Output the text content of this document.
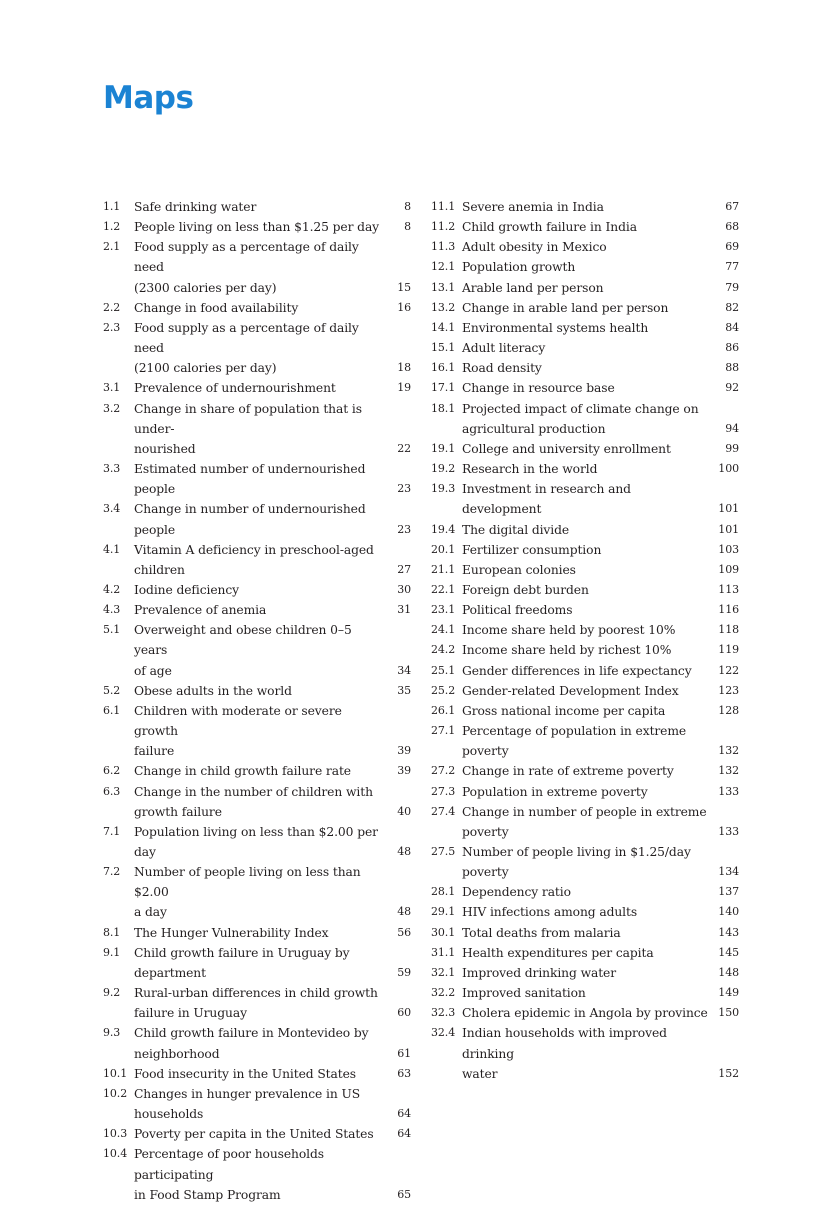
Maps
1.1	Safe drinking water	8
1.2	People living on less than $1.25 per day	8
2.1	Food supply as a percentage of daily need
(2300 calories per day)	15
2.2	Change in food availability	16
2.3	Food supply as a percentage of daily need
(2100 calories per day)	18
3.1	Prevalence of undernourishment	19
3.2	Change in share of population that is under-
nourished	22
3.3	Estimated number of undernourished people	23
3.4	Change in number of undernourished people	23
4.1	Vitamin A deficiency in preschool-aged
children	27
4.2	Iodine deficiency	30
4.3	Prevalence of anemia	31
5.1	Overweight and obese children 0–5 years
of age	34
5.2	Obese adults in the world	35
6.1	Children with moderate or severe growth
failure	39
6.2	Change in child growth failure rate	39
6.3	Change in the number of children with
growth failure	40
7.1	Population living on less than $2.00 per day	48
7.2	Number of people living on less than $2.00
a day	48
8.1	The Hunger Vulnerability Index	56
9.1	Child growth failure in Uruguay by
department	59
9.2	Rural-urban differences in child growth
failure in Uruguay	60
9.3	Child growth failure in Montevideo by
neighborhood	61
10.1 Food insecurity in the United States	63
10.2 Changes in hunger prevalence in US
households	64
10.3 Poverty per capita in the United States	64
10.4 Percentage of poor households participating
in Food Stamp Program	65
11.1 Severe anemia in India	67
11.2 Child growth failure in India	68
11.3 Adult obesity in Mexico	69
12.1 Population growth	77
13.1 Arable land per person	79
13.2 Change in arable land per person	82
14.1 Environmental systems health	84
15.1 Adult literacy	86
16.1 Road density	88
17.1 Change in resource base	92
18.1 Projected impact of climate change on
agricultural production	94
19.1 College and university enrollment	99
19.2 Research in the world	100
19.3 Investment in research and development	101
19.4 The digital divide	101
20.1 Fertilizer consumption	103
21.1 European colonies	109
22.1 Foreign debt burden	113
23.1 Political freedoms	116
24.1 Income share held by poorest 10%	118
24.2 Income share held by richest 10%	119
25.1 Gender differences in life expectancy	122
25.2 Gender-related Development Index	123
26.1 Gross national income per capita	128
27.1 Percentage of population in extreme poverty	132
27.2 Change in rate of extreme poverty	132
27.3 Population in extreme poverty	133
27.4 Change in number of people in extreme
poverty	133
27.5 Number of people living in $1.25/day poverty	134
28.1 Dependency ratio	137
29.1 HIV infections among adults	140
30.1 Total deaths from malaria	143
31.1 Health expenditures per capita	145
32.1 Improved drinking water	148
32.2 Improved sanitation	149
32.3 Cholera epidemic in Angola by province 150
32.4 Indian households with improved drinking
water	152
